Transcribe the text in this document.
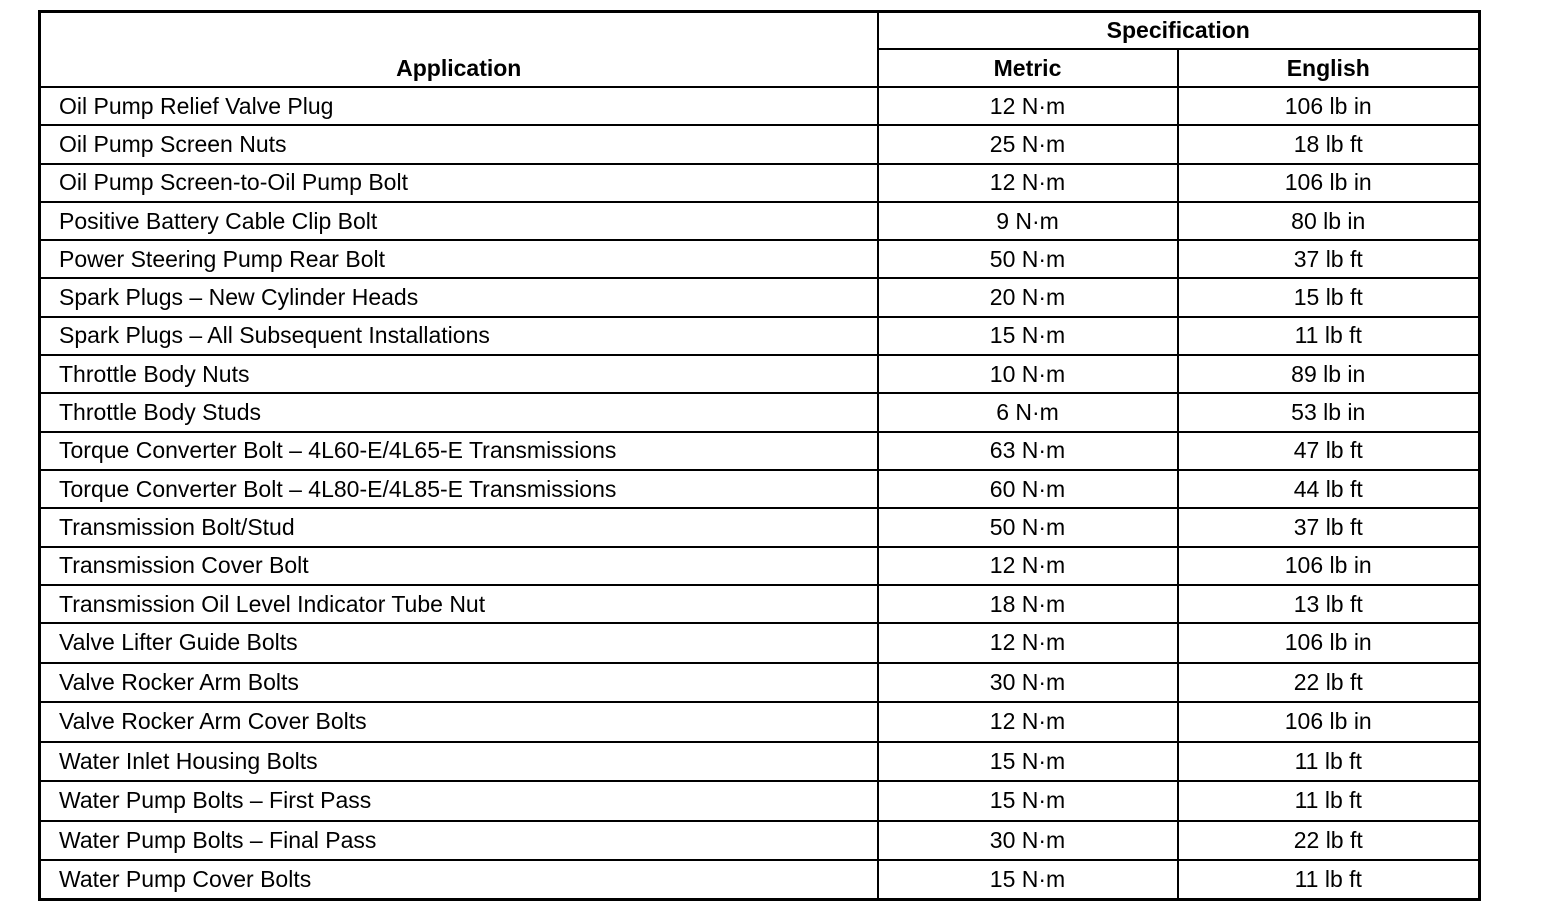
Application	Specification	
	Metric	English
Oil Pump Relief Valve Plug	12 N·m	106 lb in
Oil Pump Screen Nuts	25 N·m	18 lb ft
Oil Pump Screen-to-Oil Pump Bolt	12 N·m	106 lb in
Positive Battery Cable Clip Bolt	9 N·m	80 lb in
Power Steering Pump Rear Bolt	50 N·m	37 lb ft
Spark Plugs – New Cylinder Heads	20 N·m	15 lb ft
Spark Plugs – All Subsequent Installations	15 N·m	11 lb ft
Throttle Body Nuts	10 N·m	89 lb in
Throttle Body Studs	6 N·m	53 lb in
Torque Converter Bolt – 4L60-E/4L65-E Transmissions	63 N·m	47 lb ft
Torque Converter Bolt – 4L80-E/4L85-E Transmissions	60 N·m	44 lb ft
Transmission Bolt/Stud	50 N·m	37 lb ft
Transmission Cover Bolt	12 N·m	106 lb in
Transmission Oil Level Indicator Tube Nut	18 N·m	13 lb ft
Valve Lifter Guide Bolts	12 N·m	106 lb in
Valve Rocker Arm Bolts	30 N·m	22 lb ft
Valve Rocker Arm Cover Bolts	12 N·m	106 lb in
Water Inlet Housing Bolts	15 N·m	11 lb ft
Water Pump Bolts – First Pass	15 N·m	11 lb ft
Water Pump Bolts – Final Pass	30 N·m	22 lb ft
Water Pump Cover Bolts	15 N·m	11 lb ft
